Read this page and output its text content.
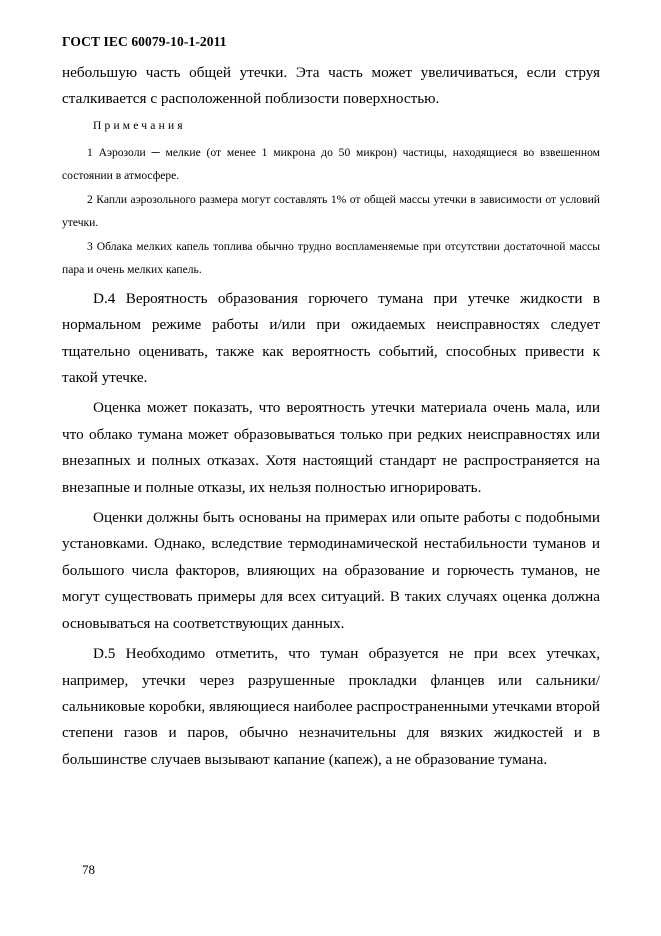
ГОСТ IEC 60079-10-1-2011

небольшую часть общей утечки. Эта часть может увеличиваться, если струя сталкивается с расположенной поблизости поверхностью.

Примечания

1 Аэрозоли ─ мелкие (от менее 1 микрона до 50 микрон) частицы, находящиеся во взвешенном состоянии в атмосфере.

2 Капли аэрозольного размера могут составлять 1% от общей массы утечки в зависимости от условий утечки.

3 Облака мелких капель топлива обычно трудно воспламеняемые при отсутствии достаточной массы пара и очень мелких капель.

D.4 Вероятность образования горючего тумана при утечке жидкости в нормальном режиме работы и/или при ожидаемых неисправностях следует тщательно оценивать, также как вероятность событий, способных привести к такой утечке.

Оценка может показать, что вероятность утечки материала очень мала, или что облако тумана может образовываться только при редких неисправностях или внезапных и полных отказах. Хотя настоящий стандарт не распространяется на внезапные и полные отказы, их нельзя полностью игнорировать.

Оценки должны быть основаны на примерах или опыте работы с подобными установками. Однако, вследствие термодинамической нестабильности туманов и большого числа факторов, влияющих на образование и горючесть туманов, не могут существовать примеры для всех ситуаций. В таких случаях оценка должна основываться на соответствующих данных.

D.5 Необходимо отметить, что туман образуется не при всех утечках, например, утечки через разрушенные прокладки фланцев или сальники/сальниковые коробки, являющиеся наиболее распространенными утечками второй степени газов и паров, обычно незначительны для вязких жидкостей и в большинстве случаев вызывают капание (капеж), а не образование тумана.

78
